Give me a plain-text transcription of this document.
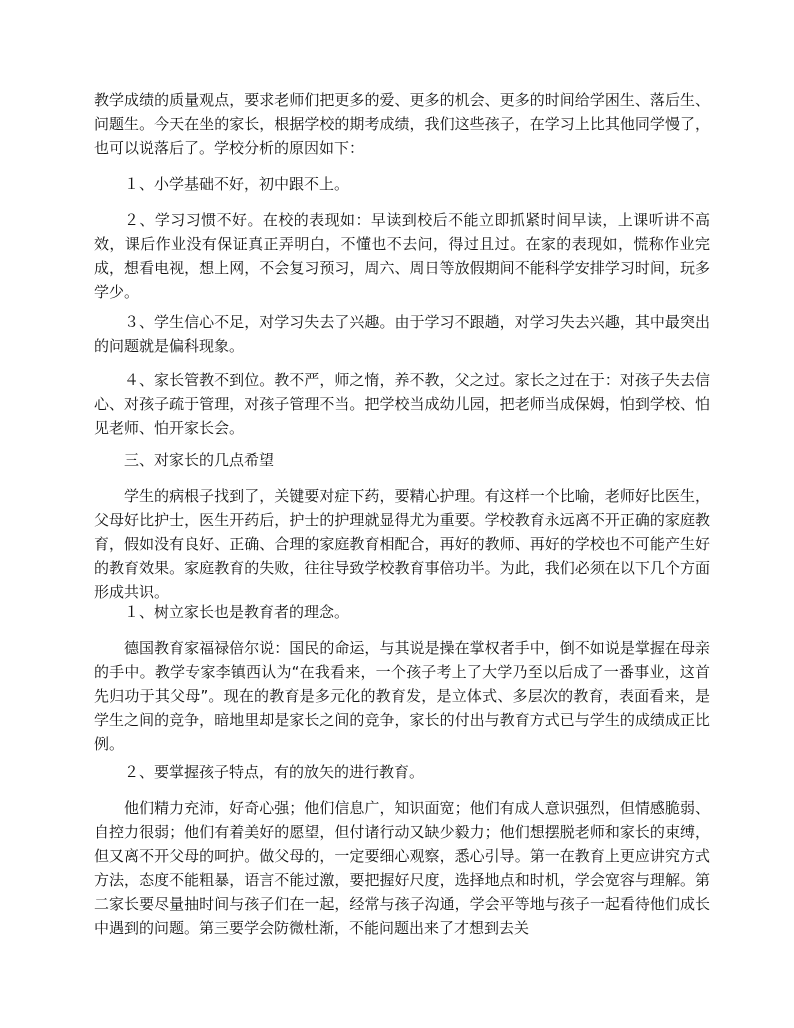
教学成绩的质量观点，要求老师们把更多的爱、更多的机会、更多的时间给学困生、落后生、问题生。今天在坐的家长，根据学校的期考成绩，我们这些孩子，在学习上比其他同学慢了，也可以说落后了。学校分析的原因如下：

１、小学基础不好，初中跟不上。

２、学习习惯不好。在校的表现如：早读到校后不能立即抓紧时间早读，上课听讲不高效，课后作业没有保证真正弄明白，不懂也不去问，得过且过。在家的表现如，慌称作业完成，想看电视，想上网，不会复习预习，周六、周日等放假期间不能科学安排学习时间，玩多学少。

３、学生信心不足，对学习失去了兴趣。由于学习不跟趟，对学习失去兴趣，其中最突出的问题就是偏科现象。

４、家长管教不到位。教不严，师之惰，养不教，父之过。家长之过在于：对孩子失去信心、对孩子疏于管理，对孩子管理不当。把学校当成幼儿园，把老师当成保姆，怕到学校、怕见老师、怕开家长会。

三、对家长的几点希望

学生的病根子找到了，关键要对症下药，要精心护理。有这样一个比喻，老师好比医生，父母好比护士，医生开药后，护士的护理就显得尤为重要。学校教育永远离不开正确的家庭教育，假如没有良好、正确、合理的家庭教育相配合，再好的教师、再好的学校也不可能产生好的教育效果。家庭教育的失败，往往导致学校教育事倍功半。为此，我们必须在以下几个方面形成共识。

１、树立家长也是教育者的理念。

德国教育家福禄倍尔说：国民的命运，与其说是操在掌权者手中，倒不如说是掌握在母亲的手中。教学专家李镇西认为“在我看来，一个孩子考上了大学乃至以后成了一番事业，这首先归功于其父母”。现在的教育是多元化的教育发，是立体式、多层次的教育，表面看来，是学生之间的竞争，暗地里却是家长之间的竞争，家长的付出与教育方式已与学生的成绩成正比例。

２、要掌握孩子特点，有的放矢的进行教育。

他们精力充沛，好奇心强；他们信息广，知识面宽；他们有成人意识强烈，但情感脆弱、自控力很弱；他们有着美好的愿望，但付诸行动又缺少毅力；他们想摆脱老师和家长的束缚，但又离不开父母的呵护。做父母的，一定要细心观察，悉心引导。第一在教育上更应讲究方式方法，态度不能粗暴，语言不能过激，要把握好尺度，选择地点和时机，学会宽容与理解。第二家长要尽量抽时间与孩子们在一起，经常与孩子沟通，学会平等地与孩子一起看待他们成长中遇到的问题。第三要学会防微杜渐，不能问题出来了才想到去关
